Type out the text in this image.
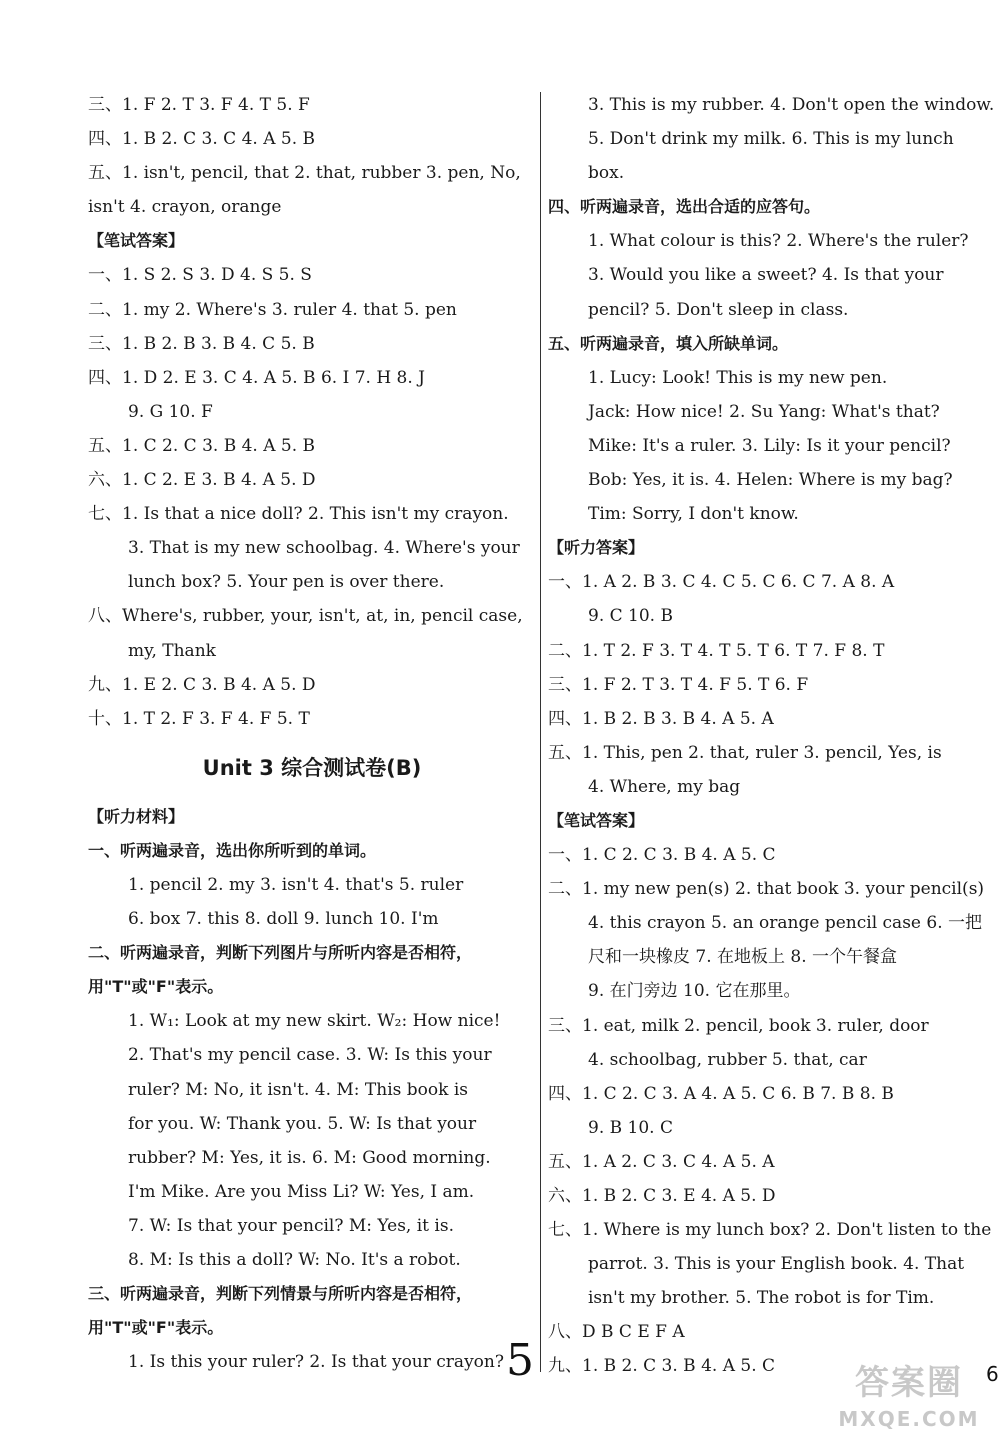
三、1. F 2. T 3. F 4. T 5. F
四、1. B 2. C 3. C 4. A 5. B
五、1. isn't, pencil, that 2. that, rubber 3. pen, No,
isn't 4. crayon, orange
【笔试答案】
一、1. S 2. S 3. D 4. S 5. S
二、1. my 2. Where's 3. ruler 4. that 5. pen
三、1. B 2. B 3. B 4. C 5. B
四、1. D 2. E 3. C 4. A 5. B 6. I 7. H 8. J
9. G 10. F
五、1. C 2. C 3. B 4. A 5. B
六、1. C 2. E 3. B 4. A 5. D
七、1. Is that a nice doll? 2. This isn't my crayon.
3. That is my new schoolbag. 4. Where's your
lunch box? 5. Your pen is over there.
八、Where's, rubber, your, isn't, at, in, pencil case,
my, Thank
九、1. E 2. C 3. B 4. A 5. D
十、1. T 2. F 3. F 4. F 5. T
Unit 3 综合测试卷(B)
【听力材料】
一、听两遍录音，选出你所听到的单词。
1. pencil 2. my 3. isn't 4. that's 5. ruler
6. box 7. this 8. doll 9. lunch 10. I'm
二、听两遍录音，判断下列图片与所听内容是否相符，
用"T"或"F"表示。
1. W₁: Look at my new skirt. W₂: How nice!
2. That's my pencil case. 3. W: Is this your
ruler? M: No, it isn't. 4. M: This book is
for you. W: Thank you. 5. W: Is that your
rubber? M: Yes, it is. 6. M: Good morning.
I'm Mike. Are you Miss Li? W: Yes, I am.
7. W: Is that your pencil? M: Yes, it is.
8. M: Is this a doll? W: No. It's a robot.
三、听两遍录音，判断下列情景与所听内容是否相符，
用"T"或"F"表示。
1. Is this your ruler? 2. Is that your crayon?
3. This is my rubber. 4. Don't open the window.
5. Don't drink my milk. 6. This is my lunch
box.
四、听两遍录音，选出合适的应答句。
1. What colour is this? 2. Where's the ruler?
3. Would you like a sweet? 4. Is that your
pencil? 5. Don't sleep in class.
五、听两遍录音，填入所缺单词。
1. Lucy: Look! This is my new pen.
Jack: How nice! 2. Su Yang: What's that?
Mike: It's a ruler. 3. Lily: Is it your pencil?
Bob: Yes, it is. 4. Helen: Where is my bag?
Tim: Sorry, I don't know.
【听力答案】
一、1. A 2. B 3. C 4. C 5. C 6. C 7. A 8. A
9. C 10. B
二、1. T 2. F 3. T 4. T 5. T 6. T 7. F 8. T
三、1. F 2. T 3. T 4. F 5. T 6. F
四、1. B 2. B 3. B 4. A 5. A
五、1. This, pen 2. that, ruler 3. pencil, Yes, is
4. Where, my bag
【笔试答案】
一、1. C 2. C 3. B 4. A 5. C
二、1. my new pen(s) 2. that book 3. your pencil(s)
4. this crayon 5. an orange pencil case 6. 一把
尺和一块橡皮 7. 在地板上 8. 一个午餐盒
9. 在门旁边 10. 它在那里。
三、1. eat, milk 2. pencil, book 3. ruler, door
4. schoolbag, rubber 5. that, car
四、1. C 2. C 3. A 4. A 5. C 6. B 7. B 8. B
9. B 10. C
五、1. A 2. C 3. C 4. A 5. A
六、1. B 2. C 3. E 4. A 5. D
七、1. Where is my lunch box? 2. Don't listen to the
parrot. 3. This is your English book. 4. That
isn't my brother. 5. The robot is for Tim.
八、D B C E F A
九、1. B 2. C 3. B 4. A 5. C
5	答案圈
MXQE.COM
6
